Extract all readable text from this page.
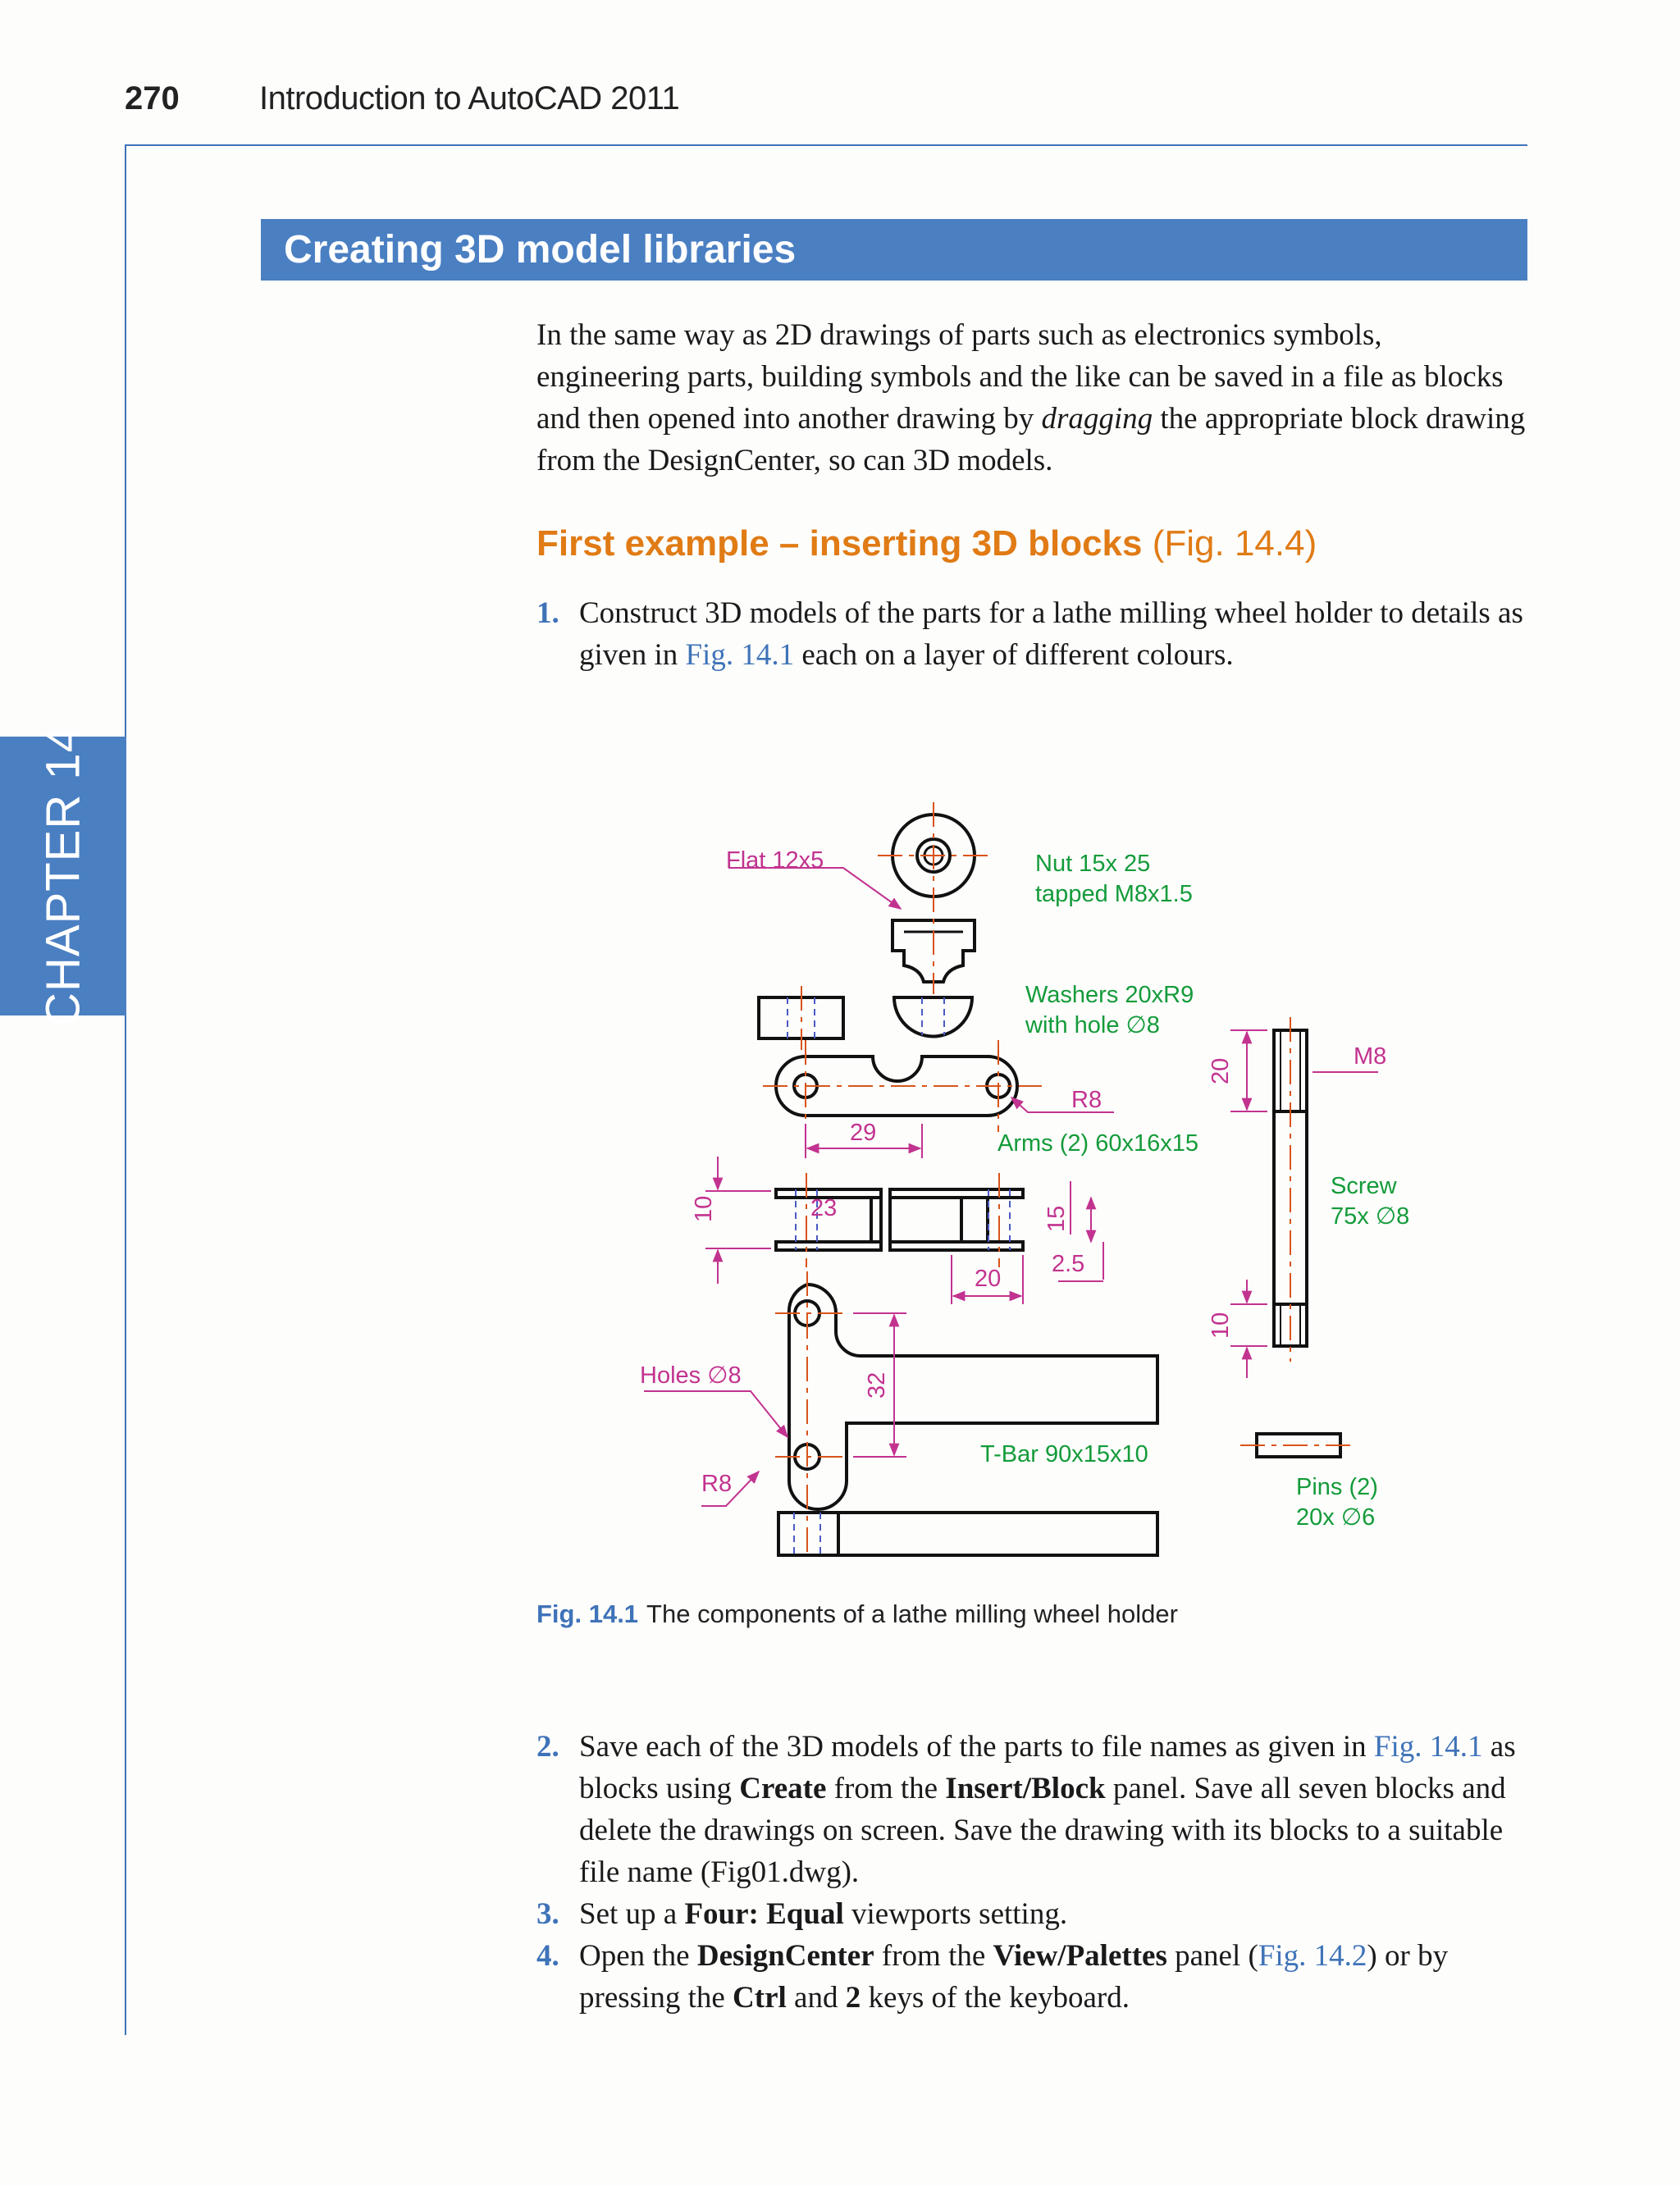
270 Introduction to AutoCAD 2011
CHAPTER 14
Creating 3D model libraries
In the same way as 2D drawings of parts such as electronics symbols, engineering parts, building symbols and the like can be saved in a file as blocks and then opened into another drawing by dragging the appropriate block drawing from the DesignCenter, so can 3D models.
First example – inserting 3D blocks (Fig. 14.4)
1. Construct 3D models of the parts for a lathe milling wheel holder to details as given in Fig. 14.1 each on a layer of different colours.
Flat 12x5	Nut 15x 25
tapped M8x1.5
Washers 20xR9
with hole ∅8
R8
Arms (2) 60x16x15
29
23
10	15
2.5
20
M8
20
Screw
75x ∅8
10
Holes ∅8	32
R8
T-Bar 90x15x10
Pins (2)
20x ∅6
Fig. 14.1 The components of a lathe milling wheel holder
2. Save each of the 3D models of the parts to file names as given in Fig. 14.1 as blocks using Create from the Insert/Block panel. Save all seven blocks and delete the drawings on screen. Save the drawing with its blocks to a suitable file name (Fig01.dwg).
3. Set up a Four: Equal viewports setting.
4. Open the DesignCenter from the View/Palettes panel (Fig. 14.2) or by pressing the Ctrl and 2 keys of the keyboard.
